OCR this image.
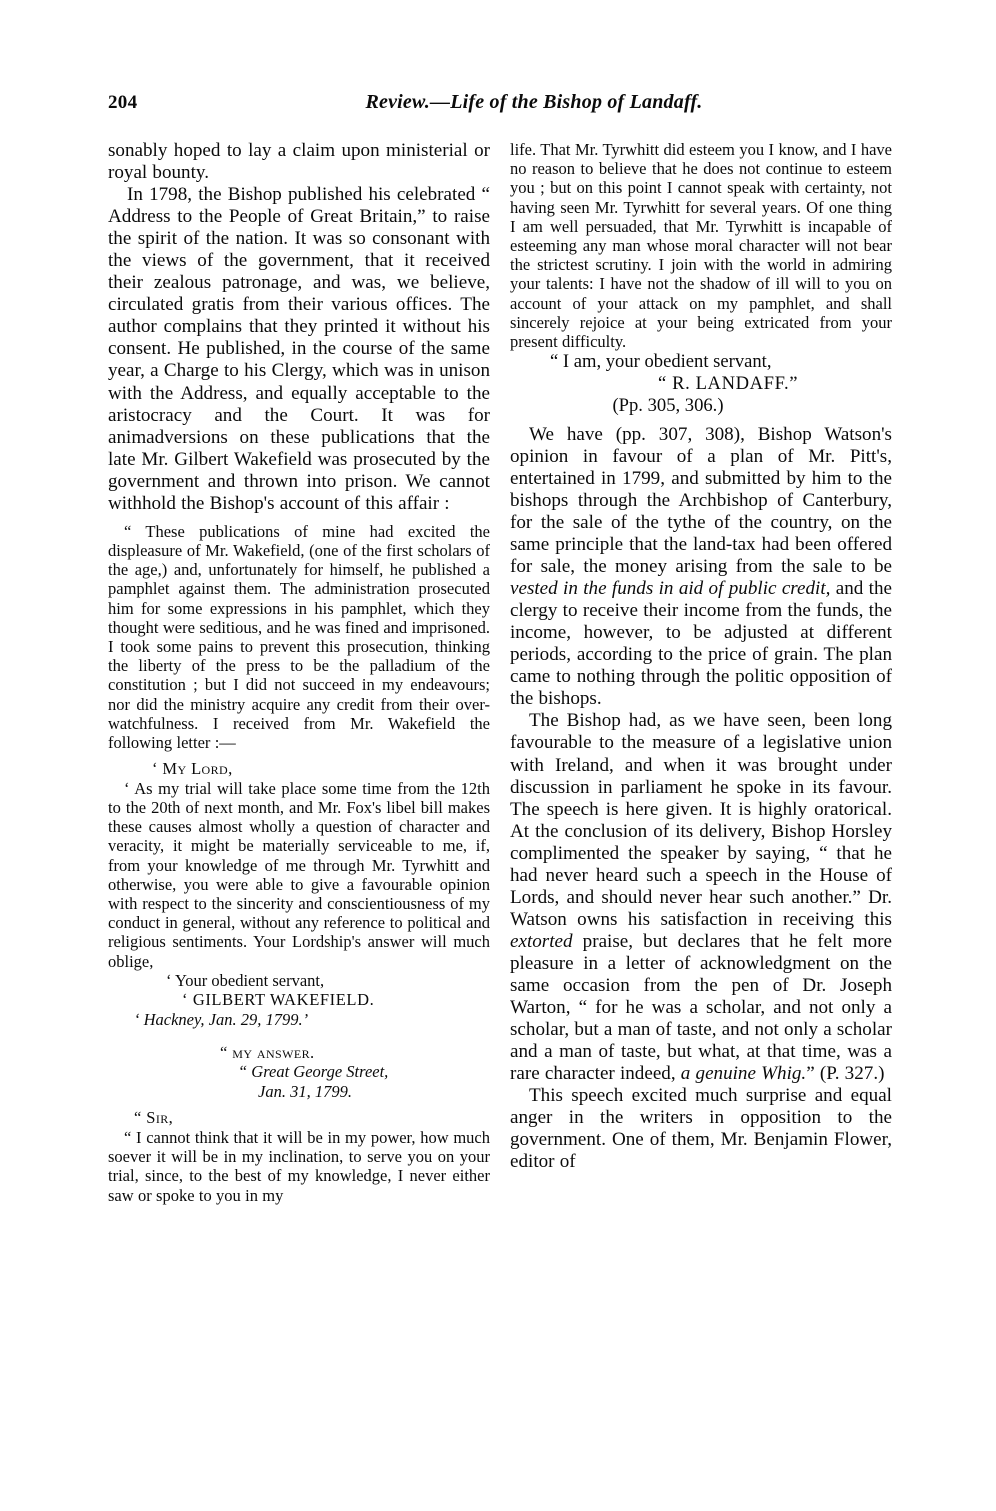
204	Review.—Life of the Bishop of Landaff.

sonably hoped to lay a claim upon ministerial or royal bounty.

In 1798, the Bishop published his celebrated “ Address to the People of Great Britain,” to raise the spirit of the nation. It was so consonant with the views of the government, that it received their zealous patronage, and was, we believe, circulated gratis from their various offices. The author complains that they printed it without his consent. He published, in the course of the same year, a Charge to his Clergy, which was in unison with the Address, and equally acceptable to the aristocracy and the Court. It was for animadversions on these publications that the late Mr. Gilbert Wakefield was prosecuted by the government and thrown into prison. We cannot withhold the Bishop's account of this affair :

“ These publications of mine had excited the displeasure of Mr. Wakefield, (one of the first scholars of the age,) and, unfortunately for himself, he published a pamphlet against them. The administration prosecuted him for some expressions in his pamphlet, which they thought were seditious, and he was fined and imprisoned. I took some pains to prevent this prosecution, thinking the liberty of the press to be the palladium of the constitution ; but I did not succeed in my endeavours; nor did the ministry acquire any credit from their over-watchfulness. I received from Mr. Wakefield the following letter :—

‘ My Lord,

‘ As my trial will take place some time from the 12th to the 20th of next month, and Mr. Fox's libel bill makes these causes almost wholly a question of character and veracity, it might be materially serviceable to me, if, from your knowledge of me through Mr. Tyrwhitt and otherwise, you were able to give a favourable opinion with respect to the sincerity and conscientiousness of my conduct in general, without any reference to political and religious sentiments. Your Lordship's answer will much oblige,

‘ Your obedient servant,

‘ GILBERT WAKEFIELD.

‘ Hackney, Jan. 29, 1799.’

“ my answer.

“ Great George Street,

Jan. 31, 1799.

“ Sir,

“ I cannot think that it will be in my power, how much soever it will be in my inclination, to serve you on your trial, since, to the best of my knowledge, I never either saw or spoke to you in my

life. That Mr. Tyrwhitt did esteem you I know, and I have no reason to believe that he does not continue to esteem you ; but on this point I cannot speak with certainty, not having seen Mr. Tyrwhitt for several years. Of one thing I am well persuaded, that Mr. Tyrwhitt is incapable of esteeming any man whose moral character will not bear the strictest scrutiny. I join with the world in admiring your talents: I have not the shadow of ill will to you on account of your attack on my pamphlet, and shall sincerely rejoice at your being extricated from your present difficulty.

“ I am, your obedient servant,

“ R. LANDAFF.”

(Pp. 305, 306.)

We have (pp. 307, 308), Bishop Watson's opinion in favour of a plan of Mr. Pitt's, entertained in 1799, and submitted by him to the bishops through the Archbishop of Canterbury, for the sale of the tythe of the country, on the same principle that the land-tax had been offered for sale, the money arising from the sale to be vested in the funds in aid of public credit, and the clergy to receive their income from the funds, the income, however, to be adjusted at different periods, according to the price of grain. The plan came to nothing through the politic opposition of the bishops.

The Bishop had, as we have seen, been long favourable to the measure of a legislative union with Ireland, and when it was brought under discussion in parliament he spoke in its favour. The speech is here given. It is highly oratorical. At the conclusion of its delivery, Bishop Horsley complimented the speaker by saying, “ that he had never heard such a speech in the House of Lords, and should never hear such another.” Dr. Watson owns his satisfaction in receiving this extorted praise, but declares that he felt more pleasure in a letter of acknowledgment on the same occasion from the pen of Dr. Joseph Warton, “ for he was a scholar, and not only a scholar, but a man of taste, and not only a scholar and a man of taste, but what, at that time, was a rare character indeed, a genuine Whig.” (P. 327.)

This speech excited much surprise and equal anger in the writers in opposition to the government. One of them, Mr. Benjamin Flower, editor of
